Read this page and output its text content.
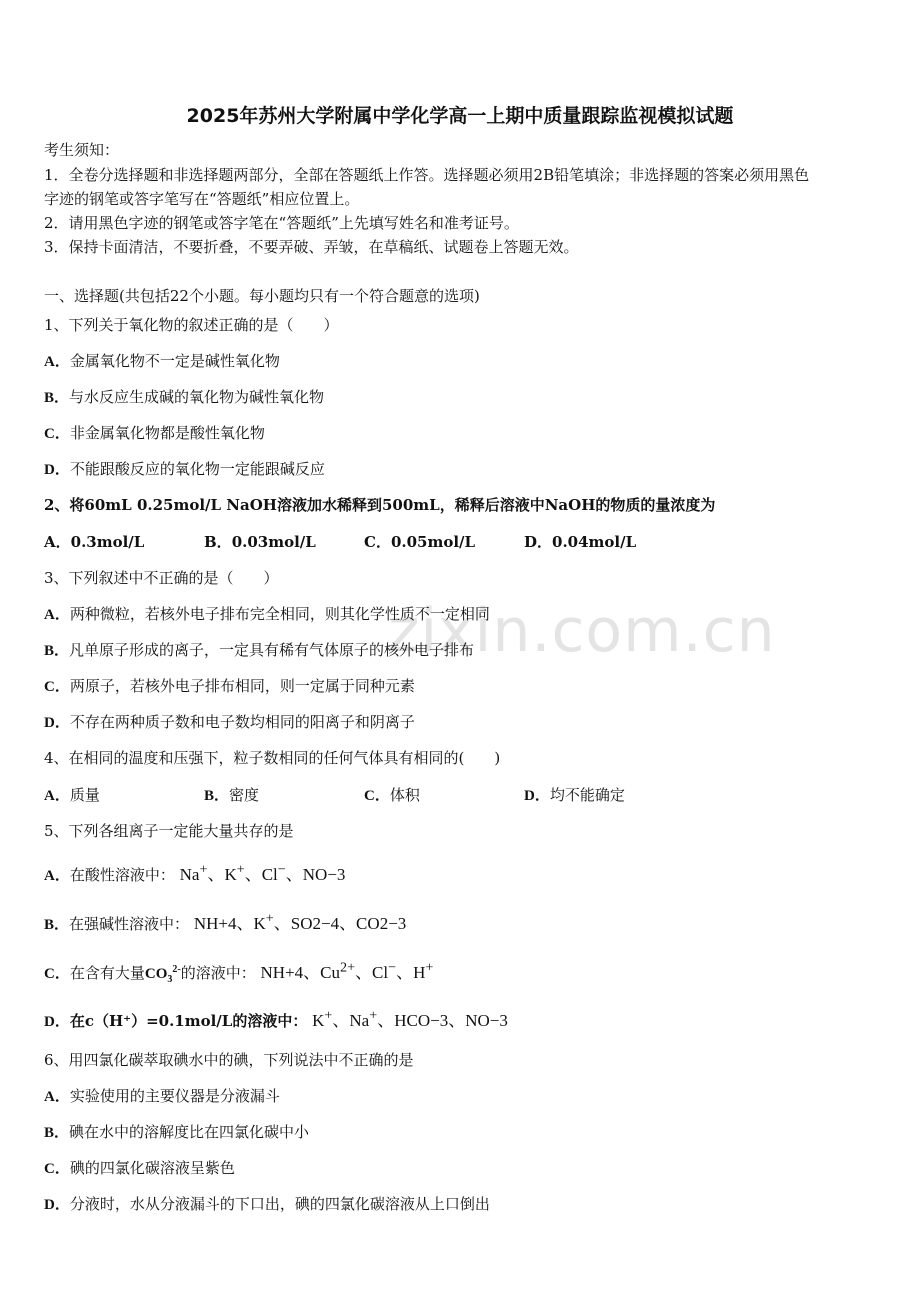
zixin.com.cn
2025年苏州大学附属中学化学高一上期中质量跟踪监视模拟试题
考生须知：
1．全卷分选择题和非选择题两部分，全部在答题纸上作答。选择题必须用2B铅笔填涂；非选择题的答案必须用黑色
字迹的钢笔或答字笔写在“答题纸”相应位置上。
2．请用黑色字迹的钢笔或答字笔在“答题纸”上先填写姓名和准考证号。
3．保持卡面清洁，不要折叠，不要弄破、弄皱，在草稿纸、试题卷上答题无效。
一、选择题(共包括22个小题。每小题均只有一个符合题意的选项)
1、下列关于氧化物的叙述正确的是（　　）
A．金属氧化物不一定是碱性氧化物
B．与水反应生成碱的氧化物为碱性氧化物
C．非金属氧化物都是酸性氧化物
D．不能跟酸反应的氧化物一定能跟碱反应
2、将60mL 0.25mol/L NaOH溶液加水稀释到500mL，稀释后溶液中NaOH的物质的量浓度为
A．0.3mol/L	B．0.03mol/L	C．0.05mol/L	D．0.04mol/L
3、下列叙述中不正确的是（　　）
A．两种微粒，若核外电子排布完全相同，则其化学性质不一定相同
B．凡单原子形成的离子，一定具有稀有气体原子的核外电子排布
C．两原子，若核外电子排布相同，则一定属于同种元素
D．不存在两种质子数和电子数均相同的阳离子和阴离子
4、在相同的温度和压强下，粒子数相同的任何气体具有相同的(　　)
A．质量	B．密度	C．体积	D．均不能确定
5、下列各组离子一定能大量共存的是
A．在酸性溶液中： Na+、K+、Cl−、NO−3
B．在强碱性溶液中： NH+4、K+、SO2−4、CO2−3
C．在含有大量$CO_3^{2-}$的溶液中： NH+4、$Cu^{2+}$、Cl−、H+
D．在c（H⁺）=0.1mol/L的溶液中： K+、Na+、HCO−3、NO−3
6、用四氯化碳萃取碘水中的碘，下列说法中不正确的是
A．实验使用的主要仪器是分液漏斗
B．碘在水中的溶解度比在四氯化碳中小
C．碘的四氯化碳溶液呈紫色
D．分液时，水从分液漏斗的下口出，碘的四氯化碳溶液从上口倒出
